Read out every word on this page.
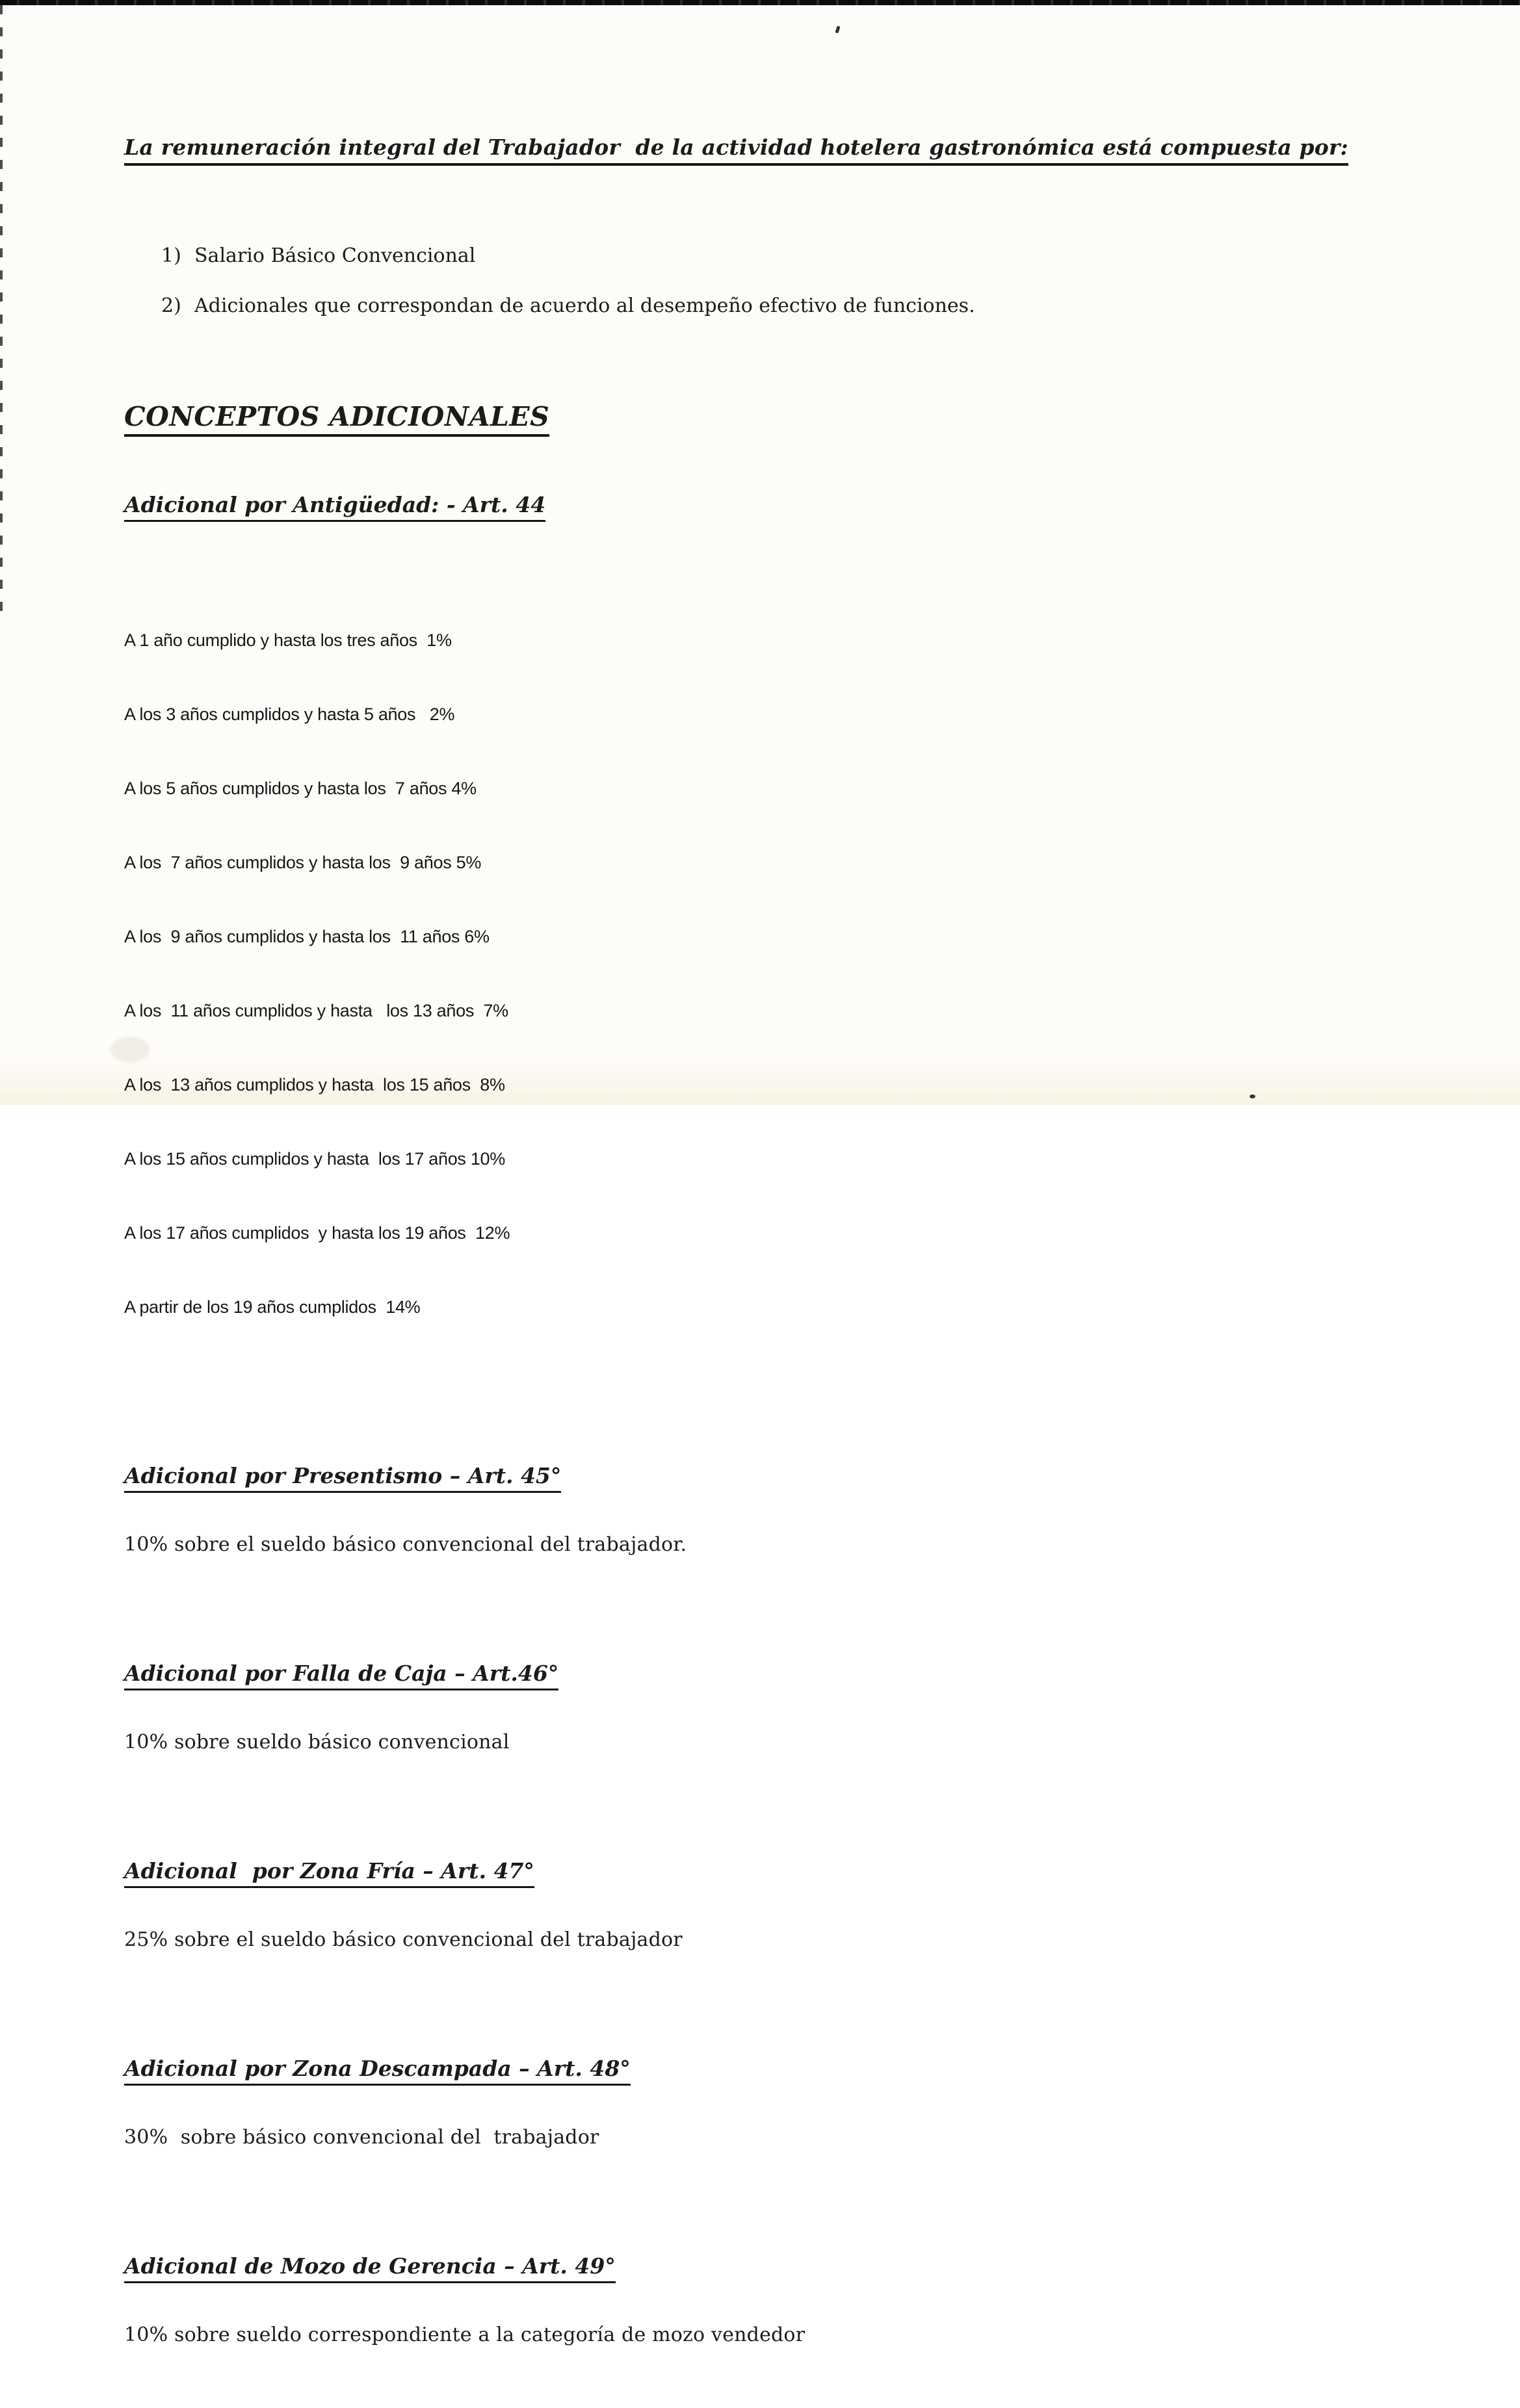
La remuneración integral del Trabajador  de la actividad hotelera gastronómica está compuesta por:

1) Salario Básico Convencional

2) Adicionales que correspondan de acuerdo al desempeño efectivo de funciones.

CONCEPTOS ADICIONALES

Adicional por Antigüedad: - Art. 44

A 1 año cumplido y hasta los tres años  1%

A los 3 años cumplidos y hasta 5 años   2%

A los 5 años cumplidos y hasta los  7 años 4%

A los  7 años cumplidos y hasta los  9 años 5%

A los  9 años cumplidos y hasta los  11 años 6%

A los  11 años cumplidos y hasta   los 13 años  7%

A los  13 años cumplidos y hasta  los 15 años  8%

A los 15 años cumplidos y hasta  los 17 años 10%

A los 17 años cumplidos  y hasta los 19 años  12%

A partir de los 19 años cumplidos  14%

Adicional por Presentismo – Art. 45°

10% sobre el sueldo básico convencional del trabajador.

Adicional por Falla de Caja – Art.46°

10% sobre sueldo básico convencional

Adicional  por Zona Fría – Art. 47°

25% sobre el sueldo básico convencional del trabajador

Adicional por Zona Descampada – Art. 48°

30%  sobre básico convencional del  trabajador

Adicional de Mozo de Gerencia – Art. 49°

10% sobre sueldo correspondiente a la categoría de mozo vendedor
